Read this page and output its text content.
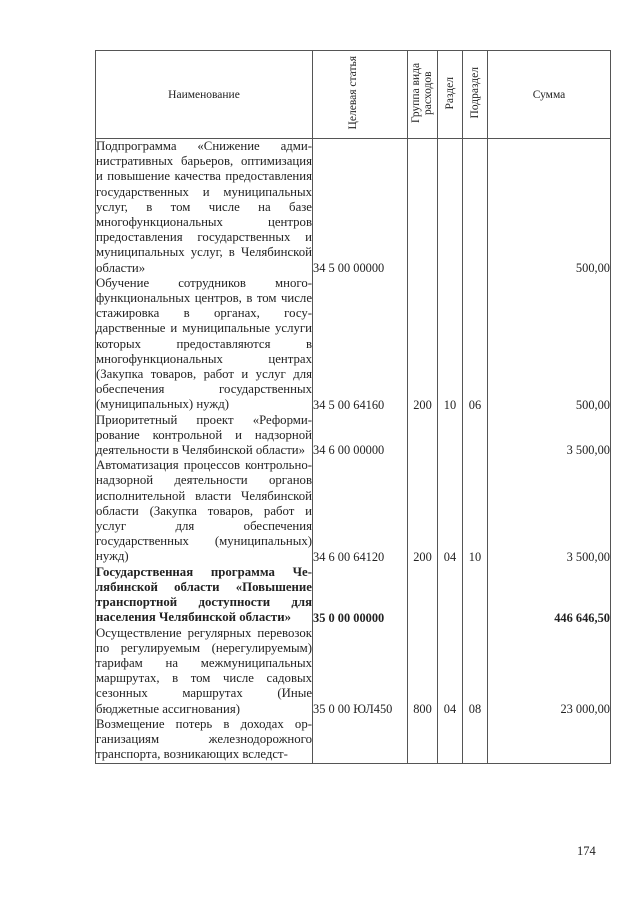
Наименование	Целевая статья	Группа вида расходов	Раздел	Подраздел	Сумма
Подпрограмма «Снижение административных барьеров, оптимизация и повышение качества предоставления государственных и муниципальных услуг, в том числе на базе многофункциональных центров предоставления государственных и муниципальных услуг, в Челябинской области»	34 5 00 00000				500,00
Обучение сотрудников многофункциональных центров, в том числе стажировка в органах, государственные и муниципальные услуги которых предоставляются в многофункциональных центрах (Закупка товаров, работ и услуг для обеспечения государственных (муниципальных) нужд)	34 5 00 64160	200	10	06	500,00
Приоритетный проект «Реформирование контрольной и надзорной деятельности в Челябинской области»	34 6 00 00000				3 500,00
Автоматизация процессов контрольно-надзорной деятельности органов исполнительной власти Челябинской области (Закупка товаров, работ и услуг для обеспечения государственных (муниципальных) нужд)	34 6 00 64120	200	04	10	3 500,00
Государственная программа Челябинской области «Повышение транспортной доступности для населения Челябинской области»	35 0 00 00000				446 646,50
Осуществление регулярных перевозок по регулируемым (нерегулируемым) тарифам на межмуниципальных маршрутах, в том числе садовых сезонных маршрутах (Иные бюджетные ассигнования)	35 0 00 ЮЛ450	800	04	08	23 000,00
Возмещение потерь в доходах организациям железнодорожного транспорта, возникающих вследст-					
174
